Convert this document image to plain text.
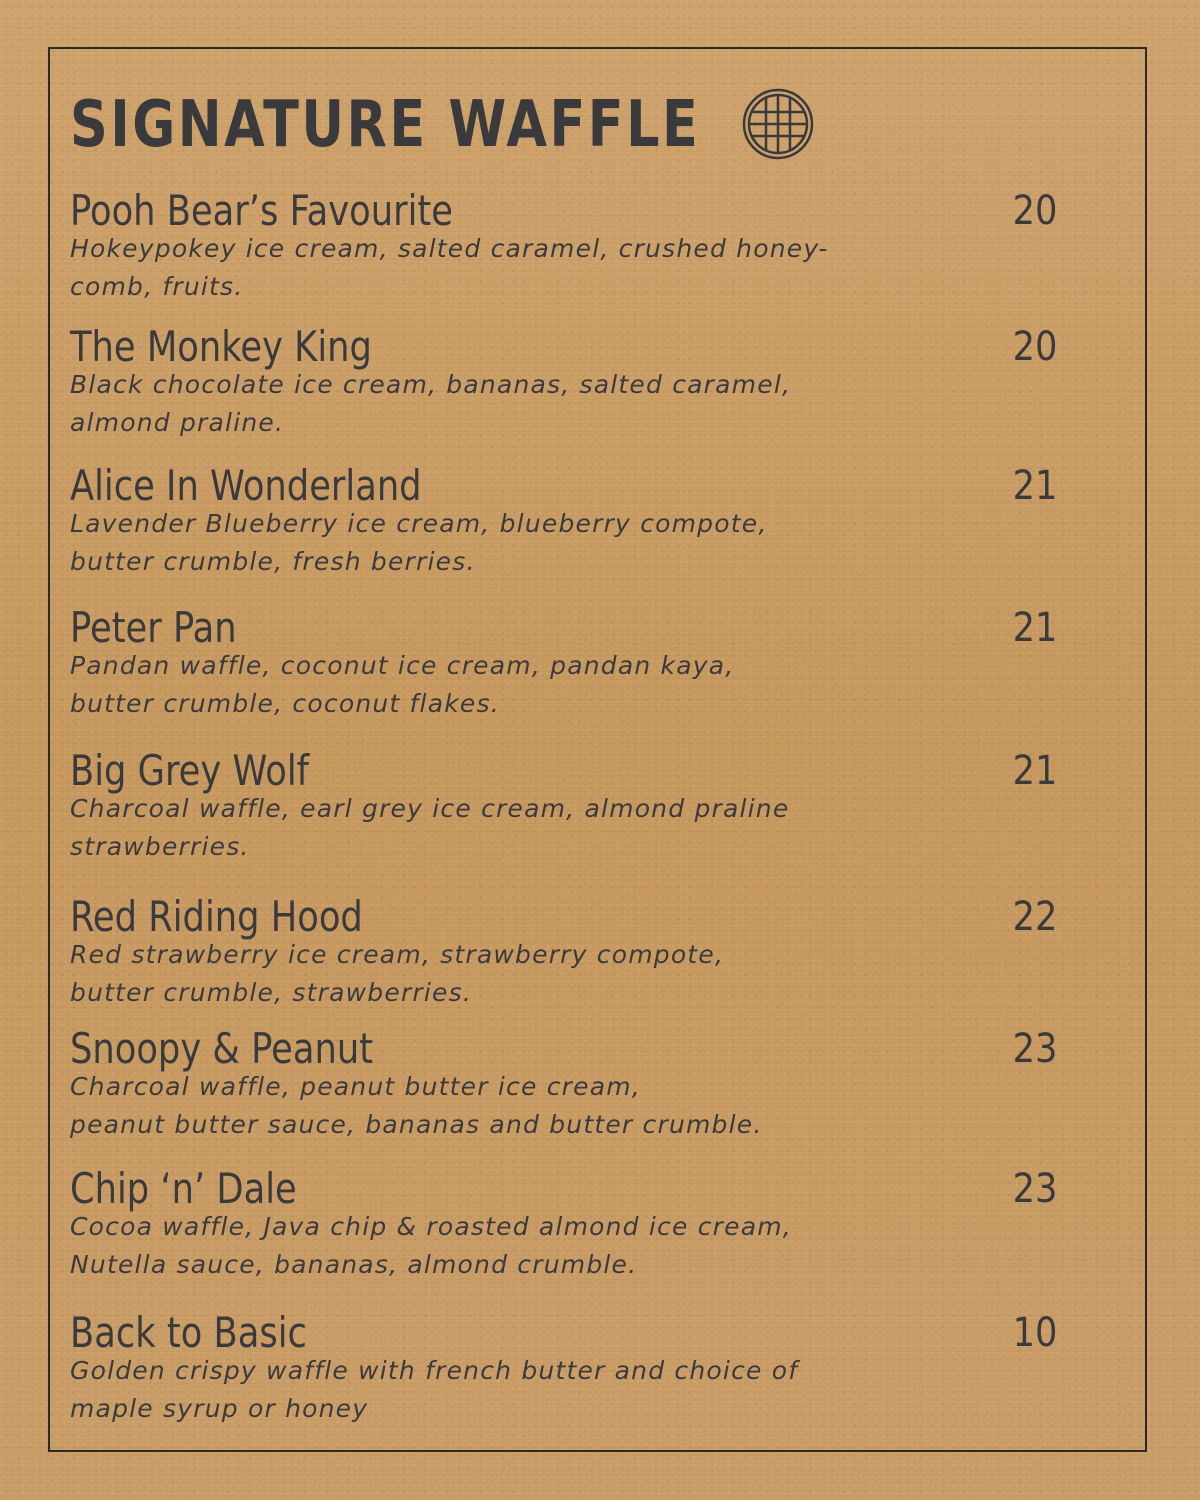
SIGNATURE WAFFLE
Pooh Bear’s Favourite
Hokeypokey ice cream, salted caramel, crushed honey-
comb, fruits.
20
The Monkey King
Black chocolate ice cream, bananas, salted caramel,
almond praline.
20
Alice In Wonderland
Lavender Blueberry ice cream, blueberry compote,
butter crumble, fresh berries.
21
Peter Pan
Pandan waffle, coconut ice cream, pandan kaya,
butter crumble, coconut flakes.
21
Big Grey Wolf
Charcoal waffle, earl grey ice cream, almond praline
strawberries.
21
Red Riding Hood
Red strawberry ice cream, strawberry compote,
butter crumble, strawberries.
22
Snoopy & Peanut
Charcoal waffle, peanut butter ice cream,
peanut butter sauce, bananas and butter crumble.
23
Chip ‘n’ Dale
Cocoa waffle, Java chip & roasted almond ice cream,
Nutella sauce, bananas, almond crumble.
23
Back to Basic
Golden crispy waffle with french butter and choice of
maple syrup or honey
10
